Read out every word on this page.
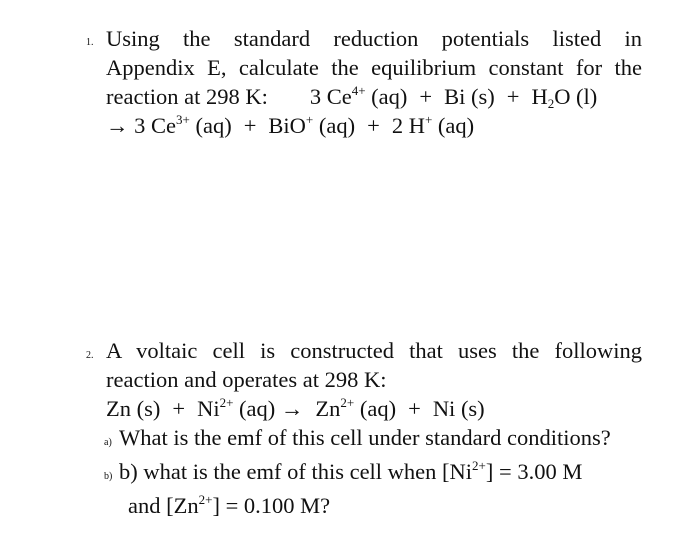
1. Using the standard reduction potentials listed in
Appendix E, calculate the equilibrium constant for the
reaction at 298 K: 3 $Ce^{4+}$ (aq) + Bi $(s) + H_2O$ (l)
→ 3 $Ce^{3+}$ (aq) + BiO+ (aq) + 2 H+ (aq)
2. A voltaic cell is constructed that uses the following
reaction and operates at 298 K:
Zn $(s) + Ni^{2+}$ $(aq) \to Zn^{2+}$ (aq) + Ni (s)
a) What is the emf of this cell under standard conditions?
b) b) what is the emf of this cell when $[Ni^{2+}] = 3.00$ M
and $[Zn^{2+}] = 0.100$ M?
